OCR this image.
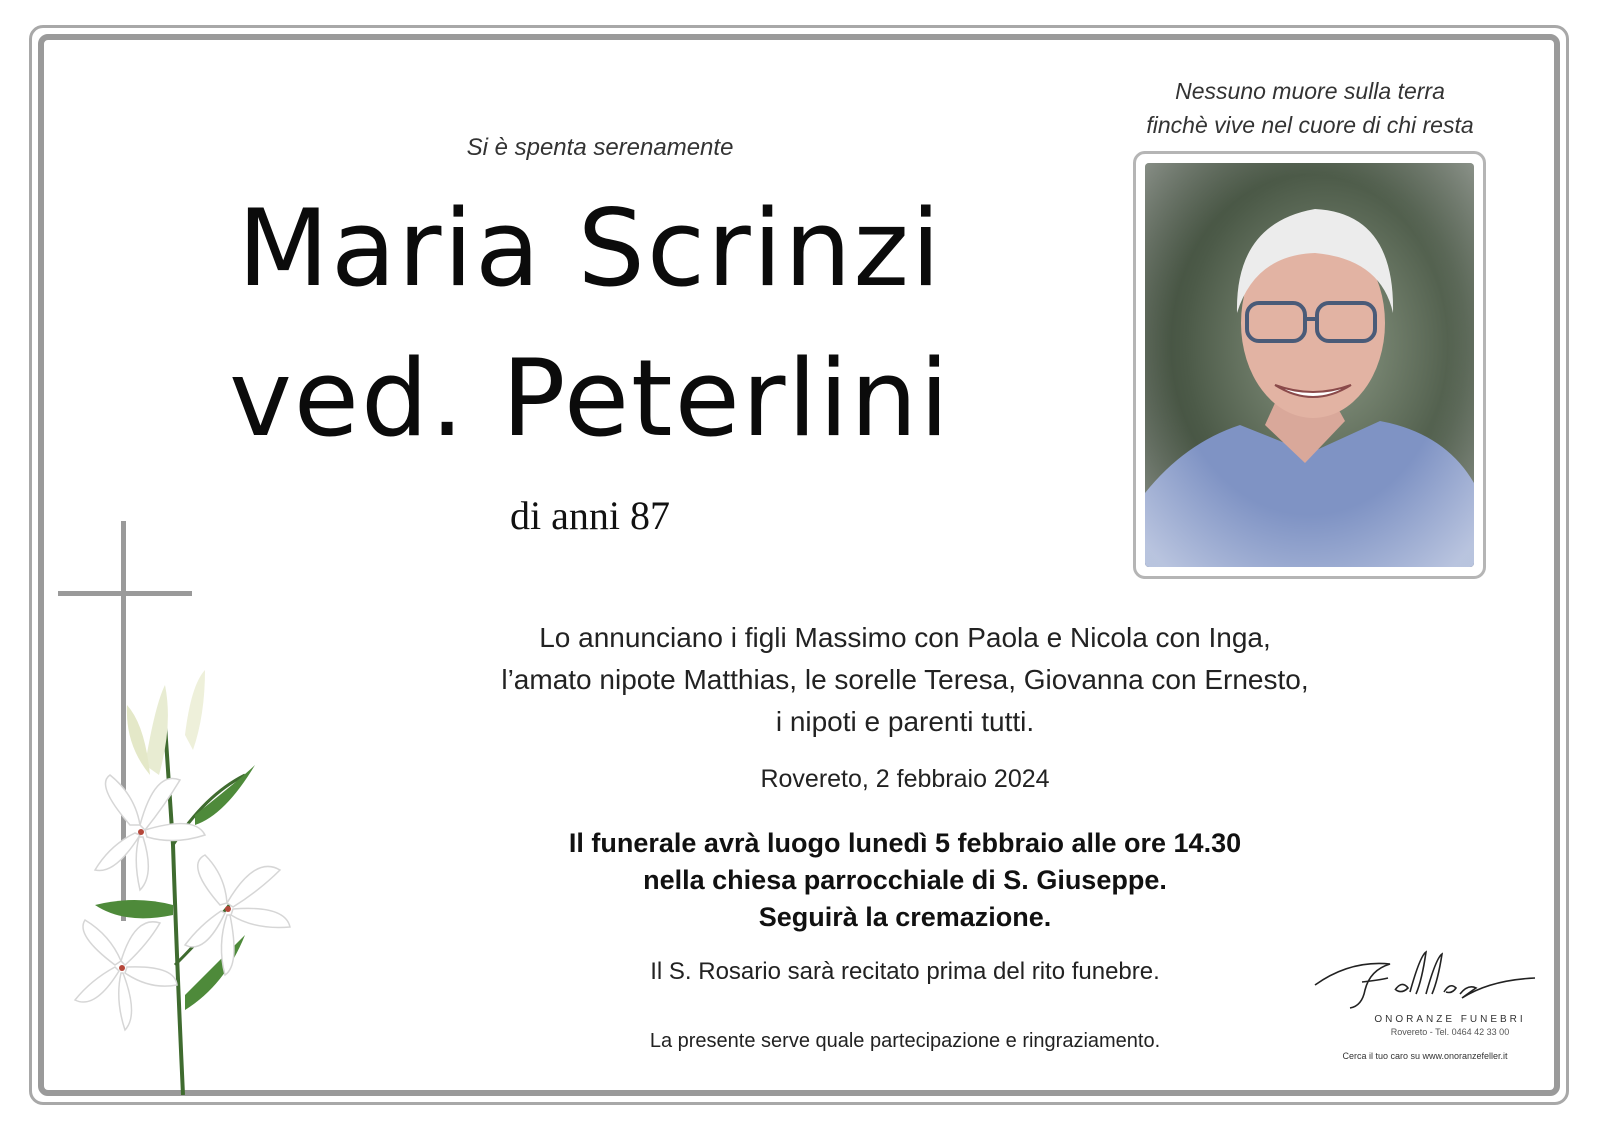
Si è spenta serenamente
Maria Scrinzi
ved. Peterlini
di anni 87
Nessuno muore sulla terra
finchè vive nel cuore di chi resta
Lo annunciano i figli Massimo con Paola e Nicola con Inga,
l’amato nipote Matthias, le sorelle Teresa, Giovanna con Ernesto,
i nipoti e parenti tutti.
Rovereto, 2 febbraio 2024
Il funerale avrà luogo lunedì 5 febbraio alle ore 14.30
nella chiesa parrocchiale di S. Giuseppe.
Seguirà la cremazione.
Il S. Rosario sarà recitato prima del rito funebre.
La presente serve quale partecipazione e ringraziamento.
ONORANZE FUNEBRI
Rovereto - Tel. 0464 42 33 00
Cerca il tuo caro su www.onoranzefeller.it
